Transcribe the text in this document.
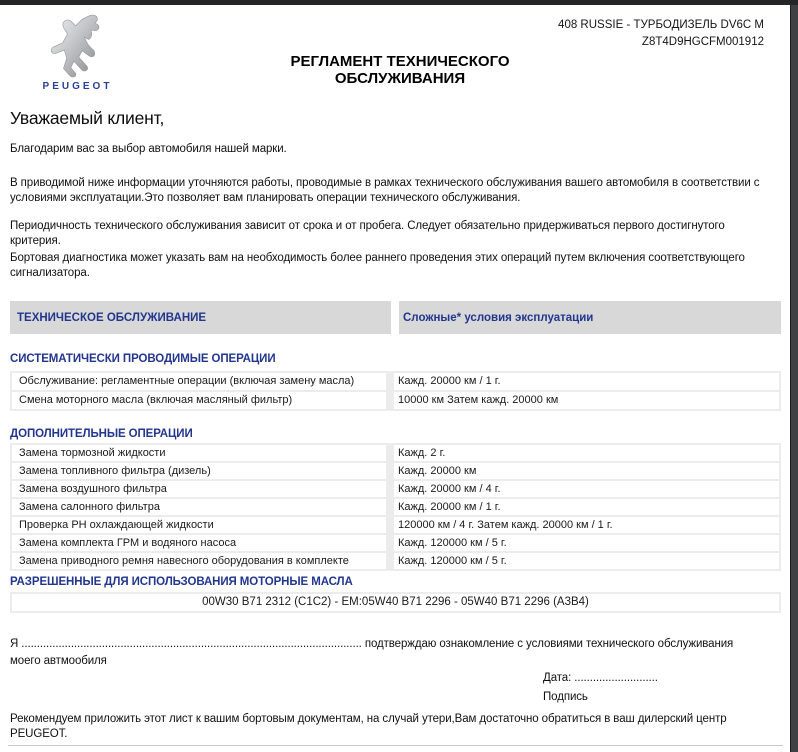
PEUGEOT
408 RUSSIE - ТУРБОДИЗЕЛЬ DV6C M
Z8T4D9HGCFM001912
РЕГЛАМЕНТ ТЕХНИЧЕСКОГО
ОБСЛУЖИВАНИЯ
Уважаемый клиент,
Благодарим вас за выбор автомобиля нашей марки.
В приводимой ниже информации уточняются работы, проводимые в рамках технического обслуживания вашего автомобиля в соответствии с условиями эксплуатации.Это позволяет вам планировать операции технического обслуживания.
Периодичность технического обслуживания зависит от срока и от пробега. Следует обязательно придерживаться первого достигнутого критерия.
Бортовая диагностика может указать вам на необходимость более раннего проведения этих операций путем включения соответствующего сигнализатора.
ТЕХНИЧЕСКОЕ ОБСЛУЖИВАНИЕ	Сложные* условия эксплуатации
СИСТЕМАТИЧЕСКИ ПРОВОДИМЫЕ ОПЕРАЦИИ
Обслуживание: регламентные операции (включая замену масла)	Кажд. 20000 км / 1 г.
Смена моторного масла (включая масляный фильтр)	10000 км Затем кажд. 20000 км
ДОПОЛНИТЕЛЬНЫЕ ОПЕРАЦИИ
Замена тормозной жидкости	Кажд. 2 г.
Замена топливного фильтра (дизель)	Кажд. 20000 км
Замена воздушного фильтра	Кажд. 20000 км / 4 г.
Замена салонного фильтра	Кажд. 20000 км / 1 г.
Проверка PH охлаждающей жидкости	120000 км / 4 г. Затем кажд. 20000 км / 1 г.
Замена комплекта ГРМ и водяного насоса	Кажд. 120000 км / 5 г.
Замена приводного ремня навесного оборудования в комплекте	Кажд. 120000 км / 5 г.
РАЗРЕШЕННЫЕ ДЛЯ ИСПОЛЬЗОВАНИЯ МОТОРНЫЕ МАСЛА
00W30 B71 2312 (C1C2) - EM:05W40 B71 2296 - 05W40 B71 2296 (A3B4)
Я .............................................................................................................. подтверждаю ознакомление с условиями технического обслуживания
моего автмообиля
Дата: ...........................
Подпись
Рекомендуем приложить этот лист к вашим бортовым документам, на случай утери,Вам достаточно обратиться в ваш дилерский центр PEUGEOT.
